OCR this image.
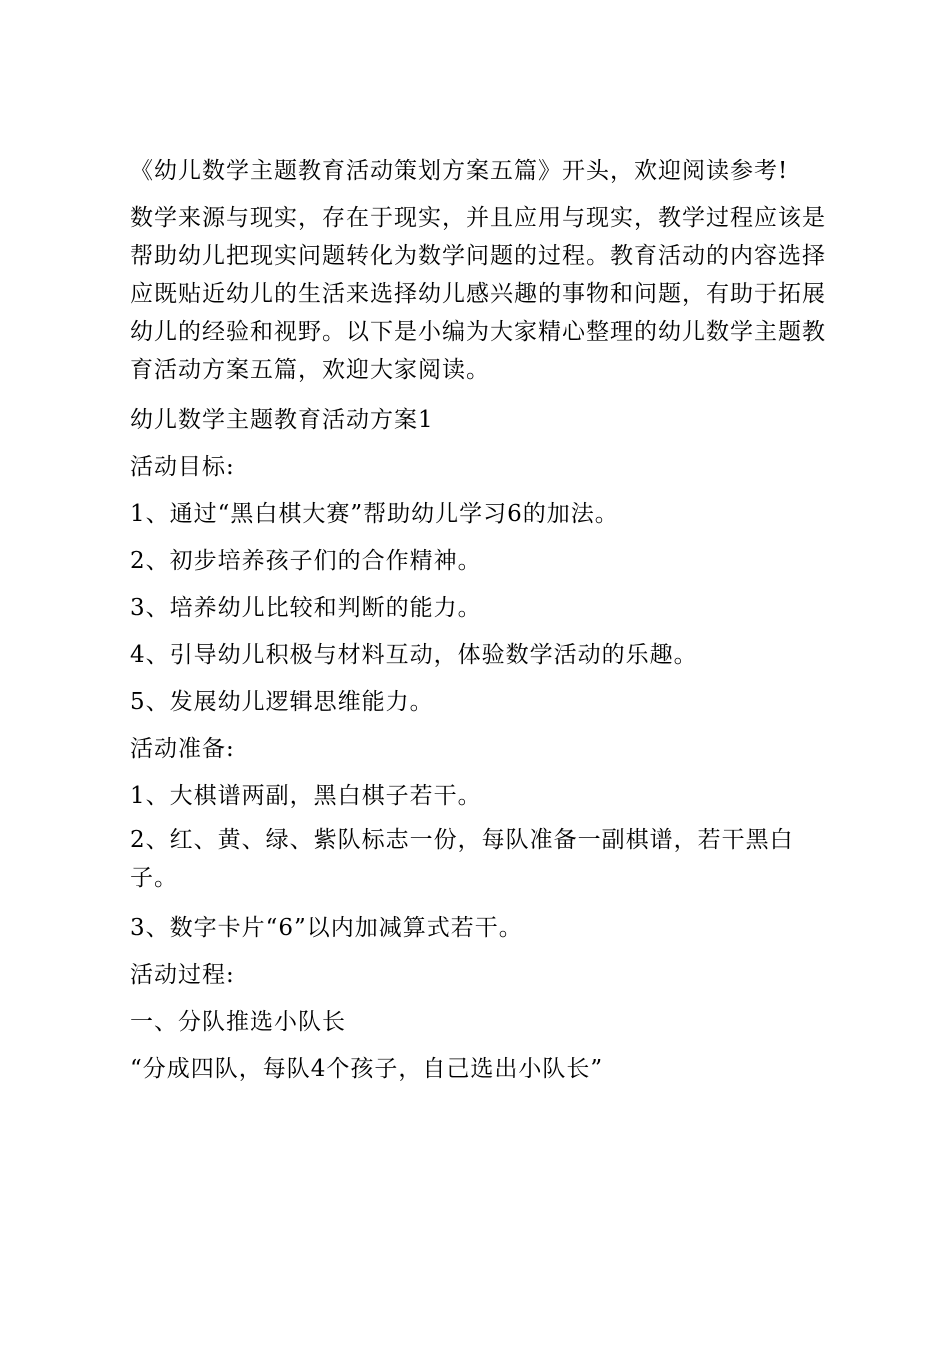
《幼儿数学主题教育活动策划方案五篇》开头，欢迎阅读参考!

数学来源与现实，存在于现实，并且应用与现实，教学过程应该是帮助幼儿把现实问题转化为数学问题的过程。教育活动的内容选择应既贴近幼儿的生活来选择幼儿感兴趣的事物和问题，有助于拓展幼儿的经验和视野。以下是小编为大家精心整理的幼儿数学主题教育活动方案五篇，欢迎大家阅读。

幼儿数学主题教育活动方案1

活动目标:

1、通过“黑白棋大赛”帮助幼儿学习6的加法。

2、初步培养孩子们的合作精神。

3、培养幼儿比较和判断的能力。

4、引导幼儿积极与材料互动，体验数学活动的乐趣。

5、发展幼儿逻辑思维能力。

活动准备:

1、大棋谱两副，黑白棋子若干。

2、红、黄、绿、紫队标志一份，每队准备一副棋谱，若干黑白子。

3、数字卡片“6”以内加减算式若干。

活动过程:

一、分队推选小队长

“分成四队，每队4个孩子，自己选出小队长”
